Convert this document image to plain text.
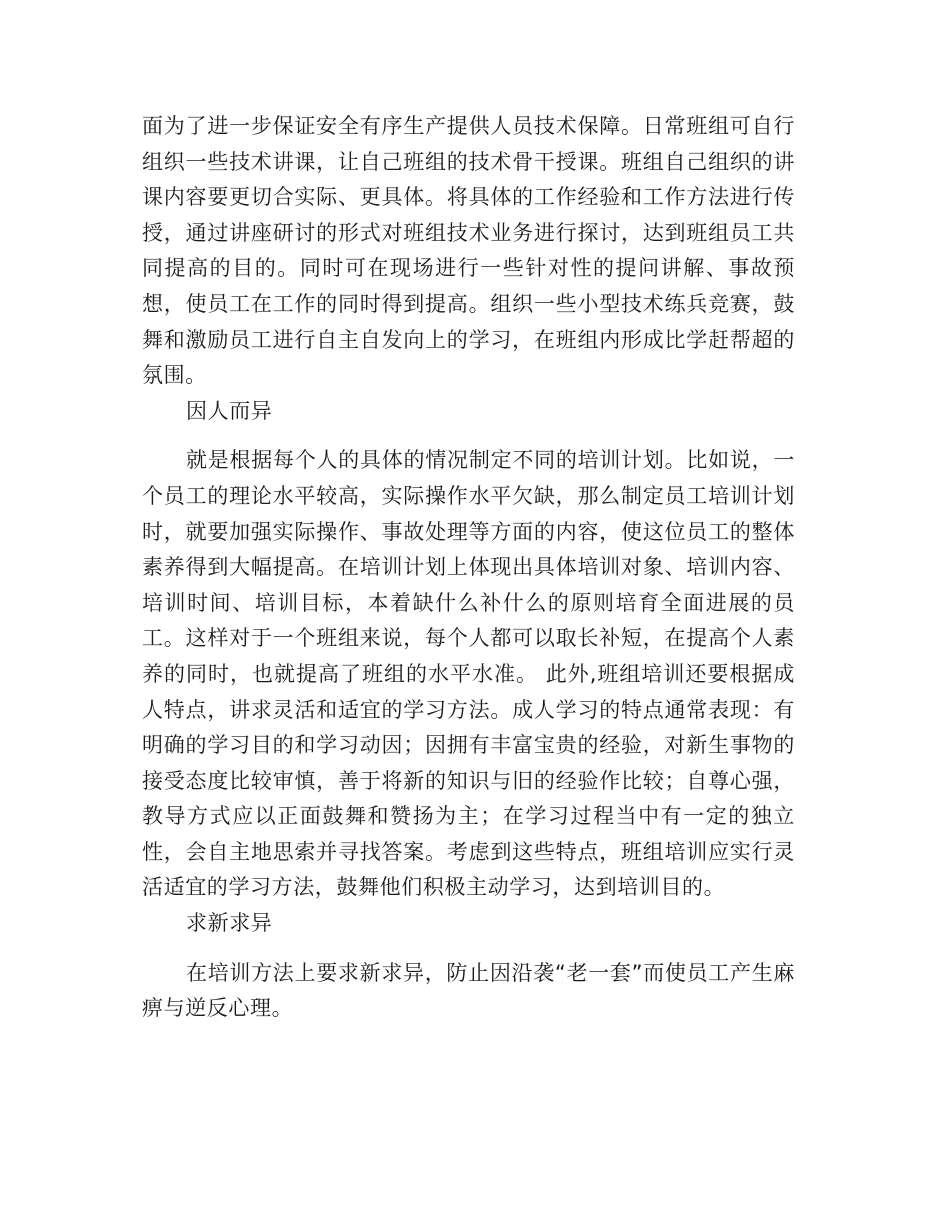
面为了进一步保证安全有序生产提供人员技术保障。日常班组可自行组织一些技术讲课，让自己班组的技术骨干授课。班组自己组织的讲课内容要更切合实际、更具体。将具体的工作经验和工作方法进行传授，通过讲座研讨的形式对班组技术业务进行探讨，达到班组员工共同提高的目的。同时可在现场进行一些针对性的提问讲解、事故预想，使员工在工作的同时得到提高。组织一些小型技术练兵竞赛，鼓舞和激励员工进行自主自发向上的学习，在班组内形成比学赶帮超的氛围。

因人而异

就是根据每个人的具体的情况制定不同的培训计划。比如说，一个员工的理论水平较高，实际操作水平欠缺，那么制定员工培训计划时，就要加强实际操作、事故处理等方面的内容，使这位员工的整体素养得到大幅提高。在培训计划上体现出具体培训对象、培训内容、培训时间、培训目标，本着缺什么补什么的原则培育全面进展的员工。这样对于一个班组来说，每个人都可以取长补短，在提高个人素养的同时，也就提高了班组的水平水准。 此外,班组培训还要根据成人特点，讲求灵活和适宜的学习方法。成人学习的特点通常表现：有明确的学习目的和学习动因；因拥有丰富宝贵的经验，对新生事物的接受态度比较审慎，善于将新的知识与旧的经验作比较；自尊心强，教导方式应以正面鼓舞和赞扬为主；在学习过程当中有一定的独立性，会自主地思索并寻找答案。考虑到这些特点，班组培训应实行灵活适宜的学习方法，鼓舞他们积极主动学习，达到培训目的。

求新求异

在培训方法上要求新求异，防止因沿袭“老一套”而使员工产生麻痹与逆反心理。
